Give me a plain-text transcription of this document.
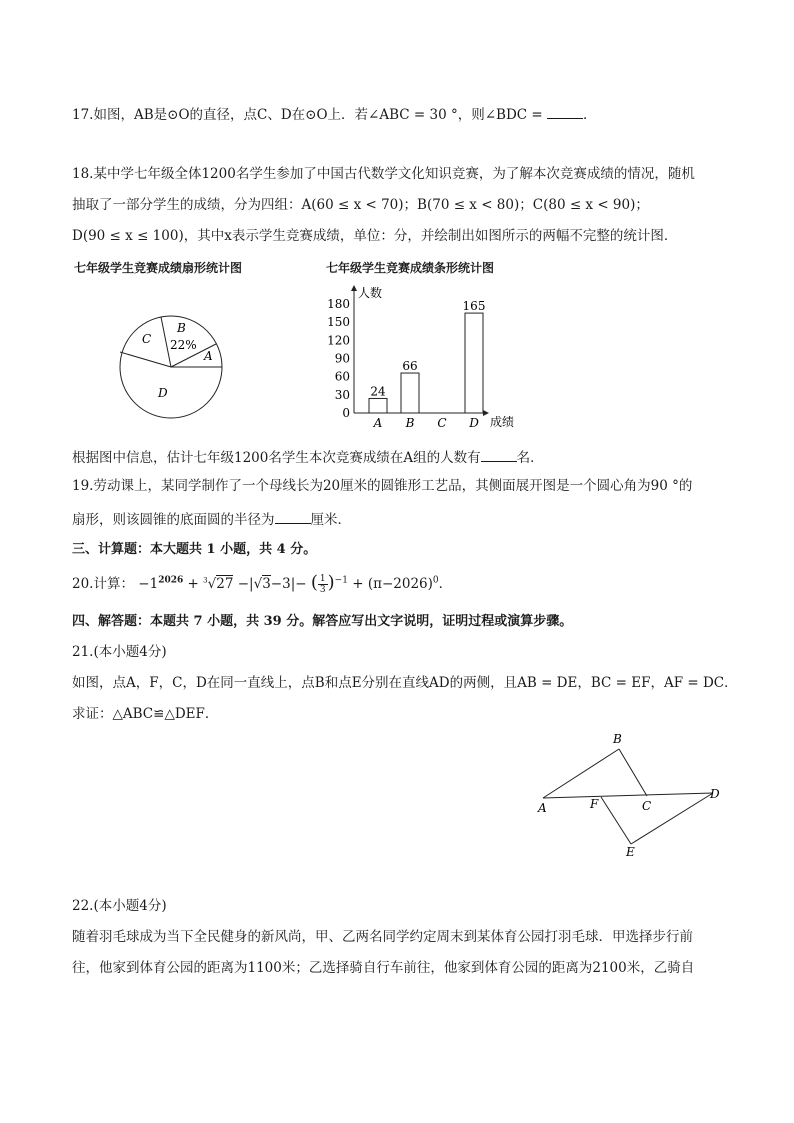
17.如图，AB是⊙O的直径，点C、D在⊙O上．若∠ABC = 30 °，则∠BDC =	．
18.某中学七年级全体1200名学生参加了中国古代数学文化知识竞赛，为了解本次竞赛成绩的情况，随机
抽取了一部分学生的成绩，分为四组：A(60 ≤ x < 70)；B(70 ≤ x < 80)；C(80 ≤ x < 90)；
D(90 ≤ x ≤ 100)，其中x表示学生竞赛成绩，单位：分，并绘制出如图所示的两幅不完整的统计图．
七年级学生竞赛成绩扇形统计图	七年级学生竞赛成绩条形统计图
C
B
22%
A
D
人数
成绩
0
30
60
90
120
150
180
A
24
B
66
C D
165
根据图中信息，估计七年级1200名学生本次竞赛成绩在A组的人数有	名．
19.劳动课上，某同学制作了一个母线长为20厘米的圆锥形工艺品，其侧面展开图是一个圆心角为90 °的
扇形，则该圆锥的底面圆的半径为	厘米．
三、计算题：本大题共 1 小题，共 4 分。
20.计算： $-1^{2026} + ^3√27 -|√3-3|-$ ( $\frac{1}{3} )^{-1} + (\pi-2026)^0$．
四、解答题：本题共 7 小题，共 39 分。解答应写出文字说明，证明过程或演算步骤。
21.(本小题4分)
如图，点A，F，C，D在同一直线上，点B和点E分别在直线AD的两侧，且AB = DE，BC = EF，AF = DC．
求证：△ABC≌△DEF．
A
B
C
D
E
F
22.(本小题4分)
随着羽毛球成为当下全民健身的新风尚，甲、乙两名同学约定周末到某体育公园打羽毛球．甲选择步行前
往，他家到体育公园的距离为1100米；乙选择骑自行车前往，他家到体育公园的距离为2100米，乙骑自
